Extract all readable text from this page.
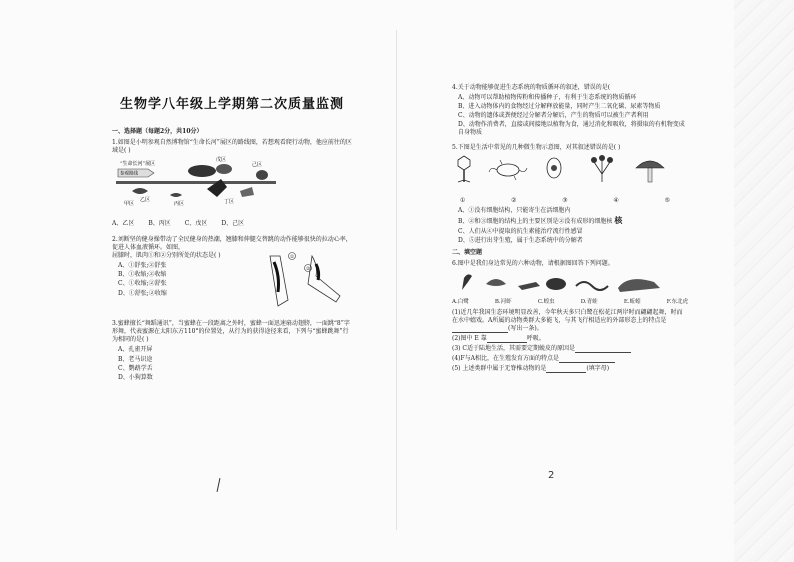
生物学八年级上学期第二次质量监测
一、选择题（每题2分，共10分）
1.如图是小明参观自然博物馆“生命长河”展区的路线图，若想观看爬行动物，他应前往的区域是( )
“生命长河”展区
参观路线
戊区
己区
甲区
乙区
丙区	丁区
A、乙区 B、丙区 C、戊区 D、己区
2.刘断坚的健身操带动了全民健身的热潮，翘膝和伸腿交替跳的动作能够很快的拉动心率，促进人体血液循环。如图，
屈膝时，肌肉①和②分别所处的状态是( )
A、①舒张;②舒张
B、①收缩;②收缩
C、①收缩;②舒张
D、①舒张;②收缩
①
②
3.蜜蜂擅长“舞蹈通讯”，当蜜蜂在一段距离之外时，蜜蜂一面迅速扇动翅膀，一面跳“8”字形舞，代表蜜源在太阳东方110°的位置处，从行为的获得途径来看，下列与“蜜蜂跳舞”行为相同的是( )
A、孔雀开屏
B、老马识途
C、鹦鹉学舌
D、小狗算数
4.关于动物能够促进生态系统的物质循环的叙述，错误的是(
A、动物可以帮助植物传粉和传播种子，有利于生态系统的物质循环
B、进入动物体内的食物经过分解释放能量，同时产生二氧化碳、尿素等物质
C、动物的遗体或粪便经过分解者分解后，产生的物质可以被生产者利用
D、动物作消费者，直接或间接地以植物为食，通过消化和吸收，将摄取的有机物变成自身物质
5.下图是生活中常见的几种微生物示意图，对其叙述错误的是( )
①	②	③	④	⑤
A、①没有细胞结构，只能寄生在活细胞内
B、②和③细胞的结构上的主要区别是②没有成形的细胞核 核
C、人们从④中提取的抗生素能治疗流行性感冒
D、⑤进行出芽生殖，属于生态系统中的分解者
二、填空题
6.图中是我们身边常见的六种动物，请根据图回答下列问题。
A.白鹭	B.河虾	C.蝗虫	D.青蛙	E.蚯蚓	F.东北虎
(1)近几年我国生态环境明显改善，今年秋天多只白鹭在松花江两岸时而翩翩起舞，时而在水中嬉戏。A所属的动物类群大多能飞，与其飞行相适应的外部形态上的特点是(写出一条)。
(2)图中 E 靠	呼吸。
(3) C适于陆地生活，其需要定期蜕皮的原因是
(4)F与A相比，在生殖发育方面的特点是
(5) 上述类群中属于无脊椎动物的是	(填字母)
2
